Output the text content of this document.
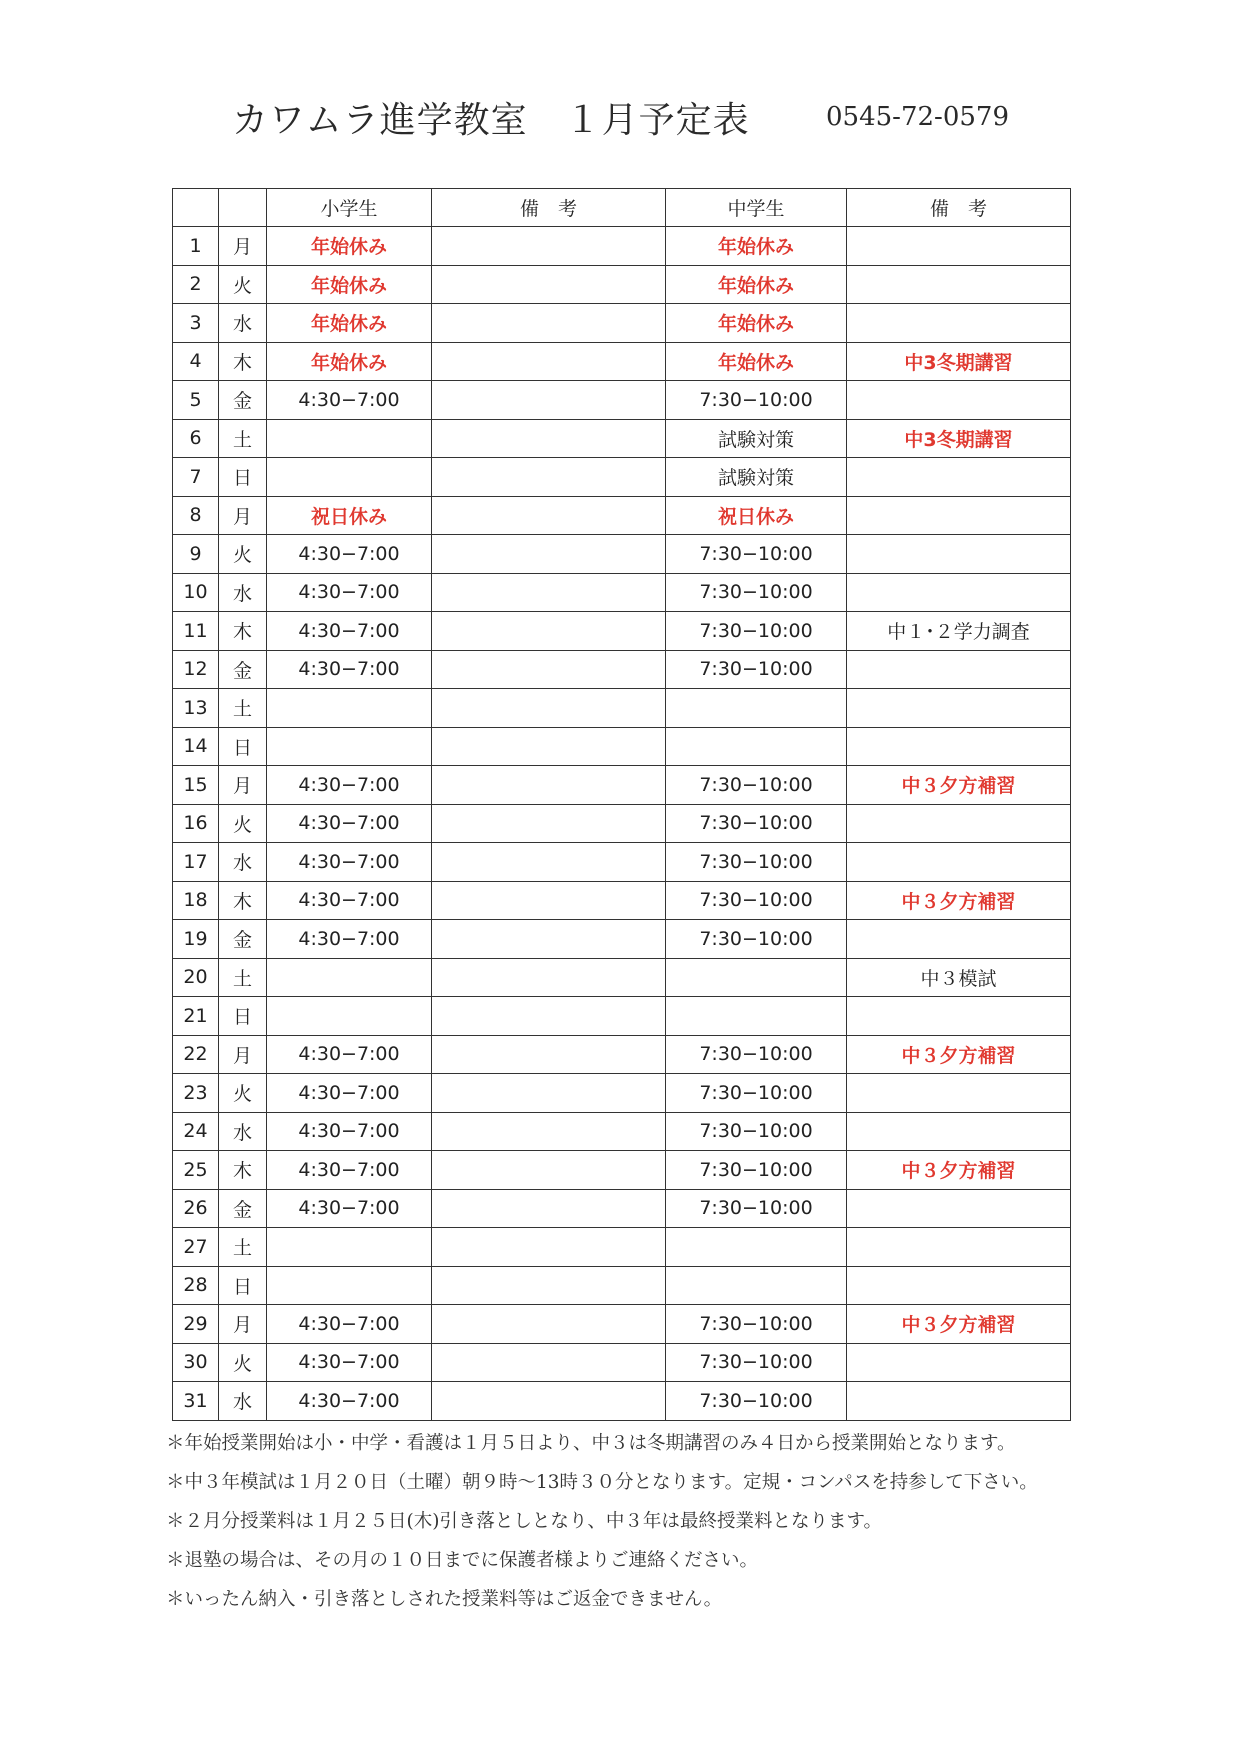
カワムラ進学教室　１月予定表	0545-72-0579
		小学生	備　考	中学生	備　考
1	月	年始休み		年始休み	
2	火	年始休み		年始休み	
3	水	年始休み		年始休み	
4	木	年始休み		年始休み	中3冬期講習
5	金	4:30−7:00		7:30−10:00	
6	土			試験対策	中3冬期講習
7	日			試験対策	
8	月	祝日休み		祝日休み	
9	火	4:30−7:00		7:30−10:00	
10	水	4:30−7:00		7:30−10:00	
11	木	4:30−7:00		7:30−10:00	中１･２学力調査
12	金	4:30−7:00		7:30−10:00	
13	土				
14	日				
15	月	4:30−7:00		7:30−10:00	中３夕方補習
16	火	4:30−7:00		7:30−10:00	
17	水	4:30−7:00		7:30−10:00	
18	木	4:30−7:00		7:30−10:00	中３夕方補習
19	金	4:30−7:00		7:30−10:00	
20	土				中３模試
21	日				
22	月	4:30−7:00		7:30−10:00	中３夕方補習
23	火	4:30−7:00		7:30−10:00	
24	水	4:30−7:00		7:30−10:00	
25	木	4:30−7:00		7:30−10:00	中３夕方補習
26	金	4:30−7:00		7:30−10:00	
27	土				
28	日				
29	月	4:30−7:00		7:30−10:00	中３夕方補習
30	火	4:30−7:00		7:30−10:00	
31	水	4:30−7:00		7:30−10:00	
＊年始授業開始は小・中学・看護は１月５日より、中３は冬期講習のみ４日から授業開始となります。
＊中３年模試は１月２０日（土曜）朝９時〜13時３０分となります。定規・コンパスを持参して下さい。
＊２月分授業料は１月２５日(木)引き落としとなり、中３年は最終授業料となります。
＊退塾の場合は、その月の１０日までに保護者様よりご連絡ください。
＊いったん納入・引き落としされた授業料等はご返金できません。
